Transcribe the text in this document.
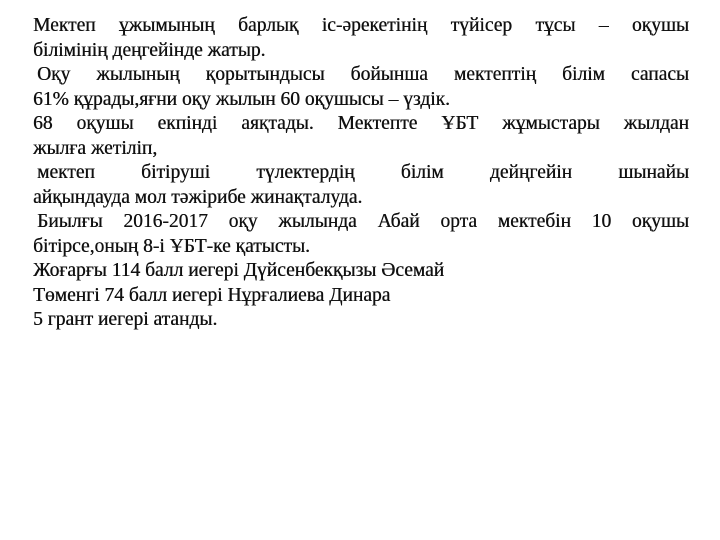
Мектеп ұжымының барлық іс-әрекетінің түйісер тұсы – оқушы
білімінің деңгейінде жатыр.
Оқу жылының қорытындысы бойынша мектептің білім сапасы
61% құрады,яғни оқу жылын 60 оқушысы – үздік.
68 оқушы екпінді аяқтады. Мектепте ҰБТ жұмыстары жылдан
жылға жетіліп,
мектеп бітіруші түлектердің білім дейңгейін шынайы
айқындауда мол тәжірибе жинақталуда.
Биылғы 2016-2017 оқу жылында Абай орта мектебін 10 оқушы
бітірсе,оның 8-і ҰБТ-ке қатысты.
Жоғарғы 114 балл иегері Дүйсенбекқызы Әсемай
Төменгі 74 балл иегері Нұрғалиева Динара
5 грант иегері атанды.
